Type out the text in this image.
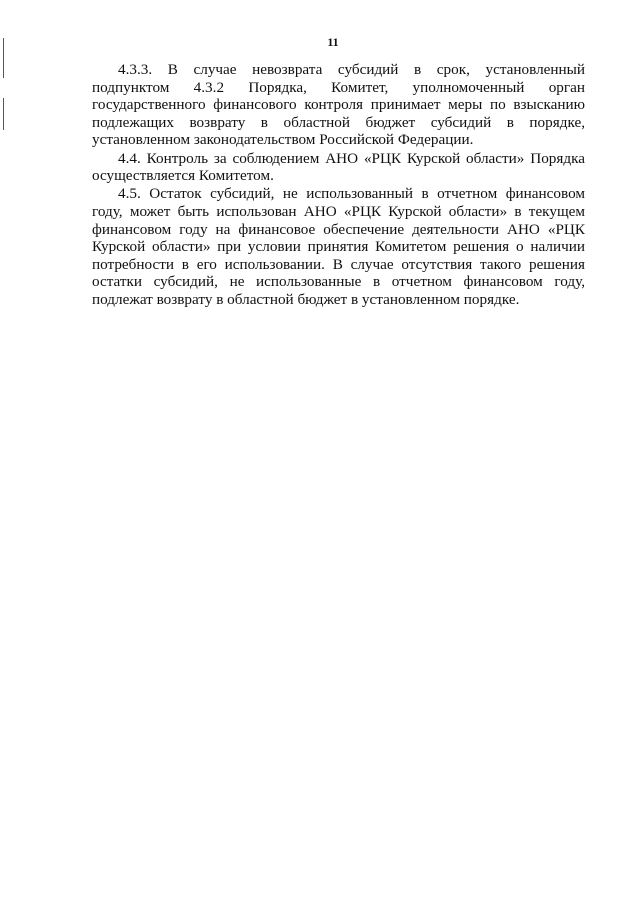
11
4.3.3. В случае невозврата субсидий в срок, установленный
подпунктом 4.3.2 Порядка, Комитет, уполномоченный орган
государственного финансового контроля принимает меры по взысканию
подлежащих возврату в областной бюджет субсидий в порядке,
установленном законодательством Российской Федерации.
4.4. Контроль за соблюдением АНО «РЦК Курской области» Порядка
осуществляется Комитетом.
4.5. Остаток субсидий, не использованный в отчетном финансовом
году, может быть использован АНО «РЦК Курской области» в текущем
финансовом году на финансовое обеспечение деятельности АНО «РЦК
Курской области» при условии принятия Комитетом решения о наличии
потребности в его использовании. В случае отсутствия такого решения
остатки субсидий, не использованные в отчетном финансовом году,
подлежат возврату в областной бюджет в установленном порядке.
